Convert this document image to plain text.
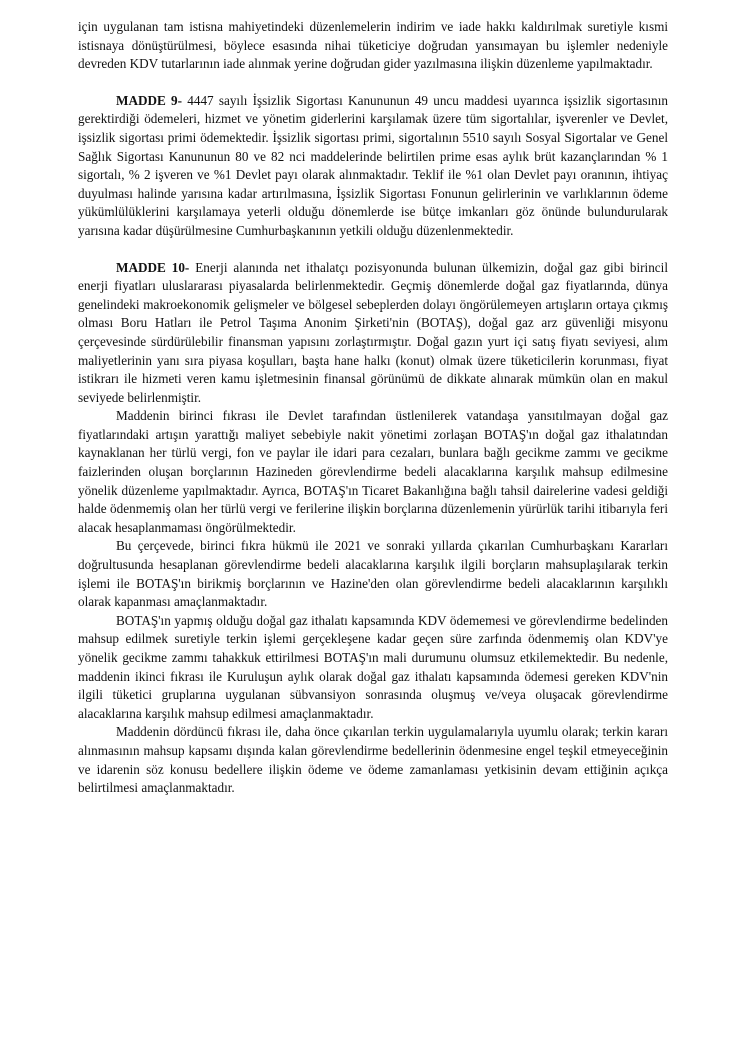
için uygulanan tam istisna mahiyetindeki düzenlemelerin indirim ve iade hakkı kaldırılmak suretiyle kısmi istisnaya dönüştürülmesi, böylece esasında nihai tüketiciye doğrudan yansımayan bu işlemler nedeniyle devreden KDV tutarlarının iade alınmak yerine doğrudan gider yazılmasına ilişkin düzenleme yapılmaktadır.

MADDE 9- 4447 sayılı İşsizlik Sigortası Kanununun 49 uncu maddesi uyarınca işsizlik sigortasının gerektirdiği ödemeleri, hizmet ve yönetim giderlerini karşılamak üzere tüm sigortalılar, işverenler ve Devlet, işsizlik sigortası primi ödemektedir. İşsizlik sigortası primi, sigortalının 5510 sayılı Sosyal Sigortalar ve Genel Sağlık Sigortası Kanununun 80 ve 82 nci maddelerinde belirtilen prime esas aylık brüt kazançlarından % 1 sigortalı, % 2 işveren ve %1 Devlet payı olarak alınmaktadır. Teklif ile %1 olan Devlet payı oranının, ihtiyaç duyulması halinde yarısına kadar artırılmasına, İşsizlik Sigortası Fonunun gelirlerinin ve varlıklarının ödeme yükümlülüklerini karşılamaya yeterli olduğu dönemlerde ise bütçe imkanları göz önünde bulundurularak yarısına kadar düşürülmesine Cumhurbaşkanının yetkili olduğu düzenlenmektedir.

MADDE 10- Enerji alanında net ithalatçı pozisyonunda bulunan ülkemizin, doğal gaz gibi birincil enerji fiyatları uluslararası piyasalarda belirlenmektedir. Geçmiş dönemlerde doğal gaz fiyatlarında, dünya genelindeki makroekonomik gelişmeler ve bölgesel sebeplerden dolayı öngörülemeyen artışların ortaya çıkmış olması Boru Hatları ile Petrol Taşıma Anonim Şirketi'nin (BOTAŞ), doğal gaz arz güvenliği misyonu çerçevesinde sürdürülebilir finansman yapısını zorlaştırmıştır. Doğal gazın yurt içi satış fiyatı seviyesi, alım maliyetlerinin yanı sıra piyasa koşulları, başta hane halkı (konut) olmak üzere tüketicilerin korunması, fiyat istikrarı ile hizmeti veren kamu işletmesinin finansal görünümü de dikkate alınarak mümkün olan en makul seviyede belirlenmiştir.

Maddenin birinci fıkrası ile Devlet tarafından üstlenilerek vatandaşa yansıtılmayan doğal gaz fiyatlarındaki artışın yarattığı maliyet sebebiyle nakit yönetimi zorlaşan BOTAŞ'ın doğal gaz ithalatından kaynaklanan her türlü vergi, fon ve paylar ile idari para cezaları, bunlara bağlı gecikme zammı ve gecikme faizlerinden oluşan borçlarının Hazineden görevlendirme bedeli alacaklarına karşılık mahsup edilmesine yönelik düzenleme yapılmaktadır. Ayrıca, BOTAŞ'ın Ticaret Bakanlığına bağlı tahsil dairelerine vadesi geldiği halde ödenmemiş olan her türlü vergi ve ferilerine ilişkin borçlarına düzenlemenin yürürlük tarihi itibarıyla feri alacak hesaplanmaması öngörülmektedir.

Bu çerçevede, birinci fıkra hükmü ile 2021 ve sonraki yıllarda çıkarılan Cumhurbaşkanı Kararları doğrultusunda hesaplanan görevlendirme bedeli alacaklarına karşılık ilgili borçların mahsuplaşılarak terkin işlemi ile BOTAŞ'ın birikmiş borçlarının ve Hazine'den olan görevlendirme bedeli alacaklarının karşılıklı olarak kapanması amaçlanmaktadır.

BOTAŞ'ın yapmış olduğu doğal gaz ithalatı kapsamında KDV ödememesi ve görevlendirme bedelinden mahsup edilmek suretiyle terkin işlemi gerçekleşene kadar geçen süre zarfında ödenmemiş olan KDV'ye yönelik gecikme zammı tahakkuk ettirilmesi BOTAŞ'ın mali durumunu olumsuz etkilemektedir. Bu nedenle, maddenin ikinci fıkrası ile Kuruluşun aylık olarak doğal gaz ithalatı kapsamında ödemesi gereken KDV'nin ilgili tüketici gruplarına uygulanan sübvansiyon sonrasında oluşmuş ve/veya oluşacak görevlendirme alacaklarına karşılık mahsup edilmesi amaçlanmaktadır.

Maddenin dördüncü fıkrası ile, daha önce çıkarılan terkin uygulamalarıyla uyumlu olarak; terkin kararı alınmasının mahsup kapsamı dışında kalan görevlendirme bedellerinin ödenmesine engel teşkil etmeyeceğinin ve idarenin söz konusu bedellere ilişkin ödeme ve ödeme zamanlaması yetkisinin devam ettiğinin açıkça belirtilmesi amaçlanmaktadır.
